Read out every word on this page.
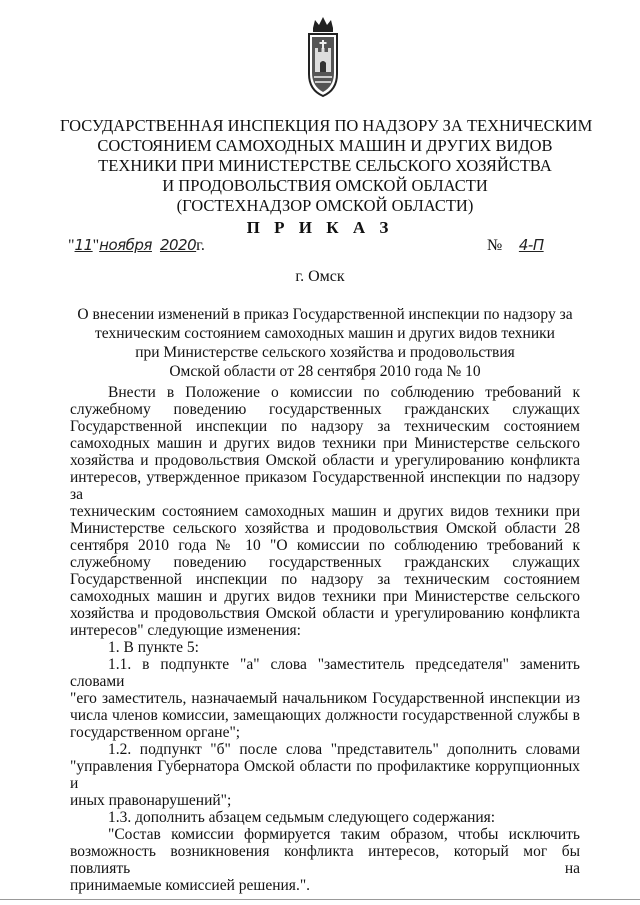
ГОСУДАРСТВЕННАЯ ИНСПЕКЦИЯ ПО НАДЗОРУ ЗА ТЕХНИЧЕСКИМ
СОСТОЯНИЕМ САМОХОДНЫХ МАШИН И ДРУГИХ ВИДОВ
ТЕХНИКИ ПРИ МИНИСТЕРСТВЕ СЕЛЬСКОГО ХОЗЯЙСТВА
И ПРОДОВОЛЬСТВИЯ ОМСКОЙ ОБЛАСТИ
(ГОСТЕХНАДЗОР ОМСКОЙ ОБЛАСТИ)
П Р И К А З
"11"ноября 2020г.	№ 4-П
г. Омск
О внесении изменений в приказ Государственной инспекции по надзору за
техническим состоянием самоходных машин и других видов техники
при Министерстве сельского хозяйства и продовольствия
Омской области от 28 сентября 2010 года № 10

Внести в Положение о комиссии по соблюдению требований к
служебному поведению государственных гражданских служащих
Государственной инспекции по надзору за техническим состоянием
самоходных машин и других видов техники при Министерстве сельского
хозяйства и продовольствия Омской области и урегулированию конфликта
интересов, утвержденное приказом Государственной инспекции по надзору за
техническим состоянием самоходных машин и других видов техники при
Министерстве сельского хозяйства и продовольствия Омской области 28
сентября 2010 года № 10 "О комиссии по соблюдению требований к
служебному поведению государственных гражданских служащих
Государственной инспекции по надзору за техническим состоянием
самоходных машин и других видов техники при Министерстве сельского
хозяйства и продовольствия Омской области и урегулированию конфликта
интересов" следующие изменения:

1. В пункте 5:

1.1. в подпункте "а" слова "заместитель председателя" заменить словами
"его заместитель, назначаемый начальником Государственной инспекции из
числа членов комиссии, замещающих должности государственной службы в
государственном органе";

1.2. подпункт "б" после слова "представитель" дополнить словами
"управления Губернатора Омской области по профилактике коррупционных и
иных правонарушений";

1.3. дополнить абзацем седьмым следующего содержания:

"Состав комиссии формируется таким образом, чтобы исключить
возможность возникновения конфликта интересов, который мог бы повлиять на
принимаемые комиссией решения.".
